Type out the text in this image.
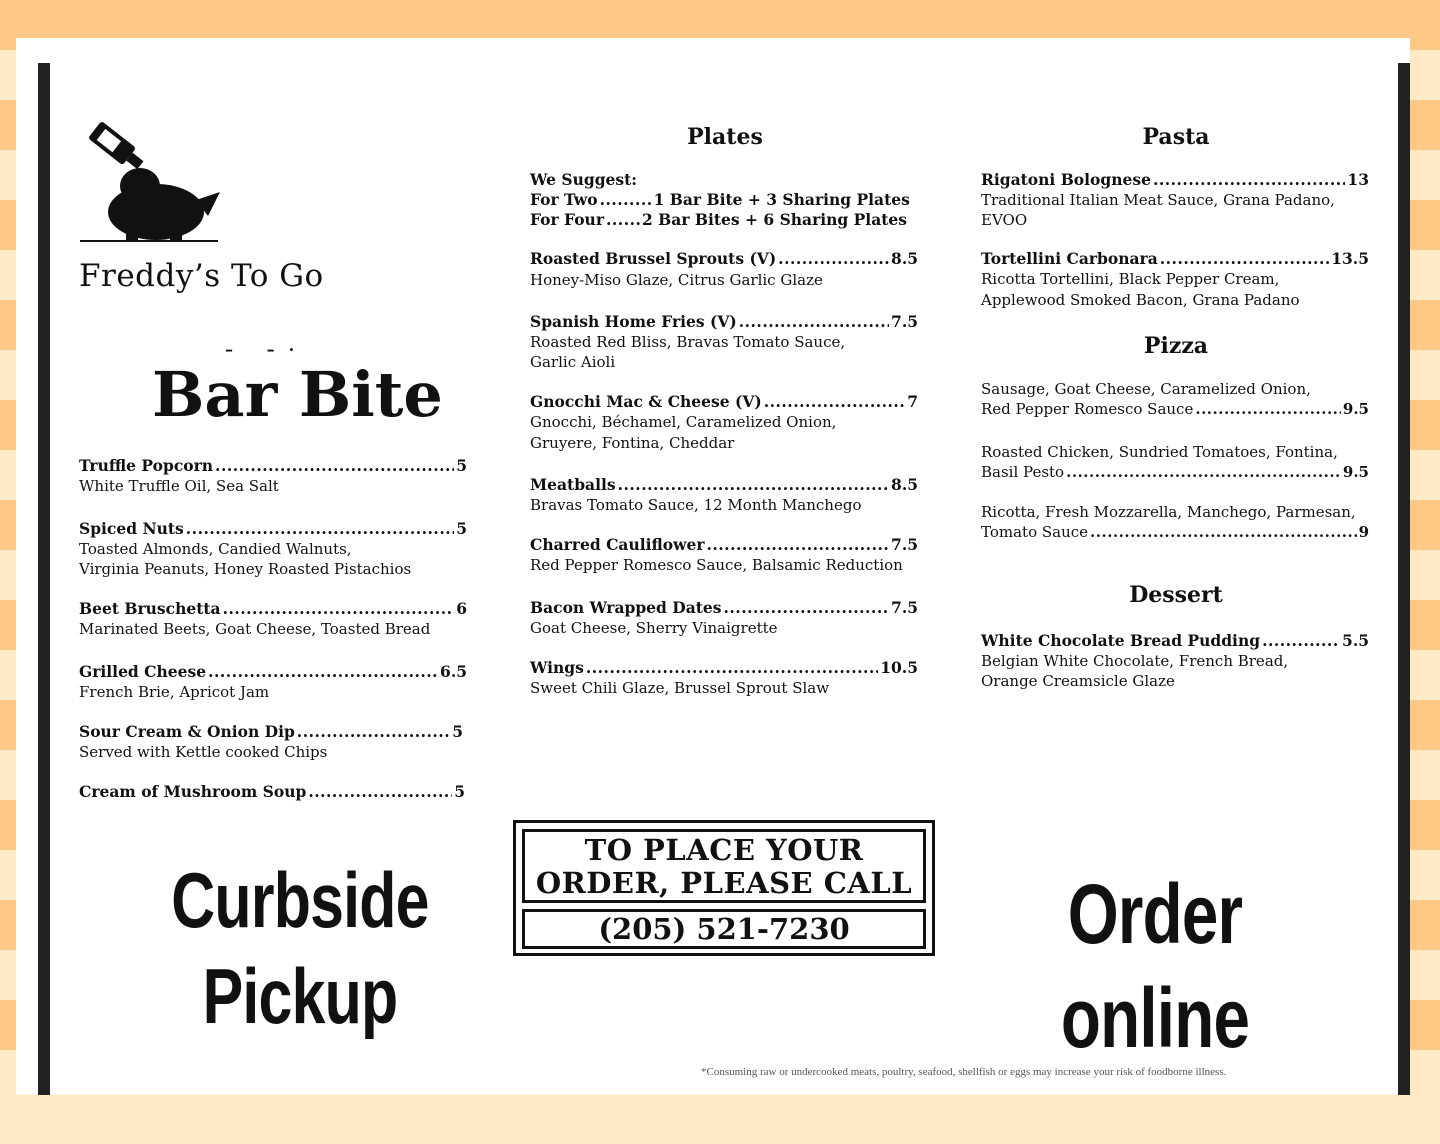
Freddy’s To Go
– –·
Bar Bite
Truffle Popcorn .....	5
White Truffle Oil, Sea Salt
Spiced Nuts .....	5
Toasted Almonds, Candied Walnuts,
Virginia Peanuts, Honey Roasted Pistachios
Beet Bruschetta .....	6
Marinated Beets, Goat Cheese, Toasted Bread
Grilled Cheese .....	6.5
French Brie, Apricot Jam
Sour Cream & Onion Dip .....	5
Served with Kettle cooked Chips
Cream of Mushroom Soup .....	5
Plates
We Suggest:
For Two .....	1 Bar Bite + 3 Sharing Plates
For Four ..... 2 Bar Bites + 6 Sharing Plates
Roasted Brussel Sprouts (V) .....	8.5
Honey-Miso Glaze, Citrus Garlic Glaze
Spanish Home Fries (V) .....	7.5
Roasted Red Bliss, Bravas Tomato Sauce,
Garlic Aioli
Gnocchi Mac & Cheese (V) .....	7
Gnocchi, Béchamel, Caramelized Onion,
Gruyere, Fontina, Cheddar
Meatballs .....	8.5
Bravas Tomato Sauce, 12 Month Manchego
Charred Cauliflower .....	7.5
Red Pepper Romesco Sauce, Balsamic Reduction
Bacon Wrapped Dates .....	7.5
Goat Cheese, Sherry Vinaigrette
Wings .....	10.5
Sweet Chili Glaze, Brussel Sprout Slaw
Pasta
Rigatoni Bolognese .....	13
Traditional Italian Meat Sauce, Grana Padano,
EVOO
Tortellini Carbonara .....	13.5
Ricotta Tortellini, Black Pepper Cream,
Applewood Smoked Bacon, Grana Padano
Pizza
Sausage, Goat Cheese, Caramelized Onion,
Red Pepper Romesco Sauce .....	9.5
Roasted Chicken, Sundried Tomatoes, Fontina,
Basil Pesto .....	9.5
Ricotta, Fresh Mozzarella, Manchego, Parmesan,
Tomato Sauce .....	9
Dessert
White Chocolate Bread Pudding .....	5.5
Belgian White Chocolate, French Bread,
Orange Creamsicle Glaze
TO PLACE YOUR
ORDER, PLEASE CALL
(205) 521-7230
Curbside
Pickup
Order
online
*Consuming raw or undercooked meats, poultry, seafood, shellfish or eggs may increase your risk of foodborne illness.
